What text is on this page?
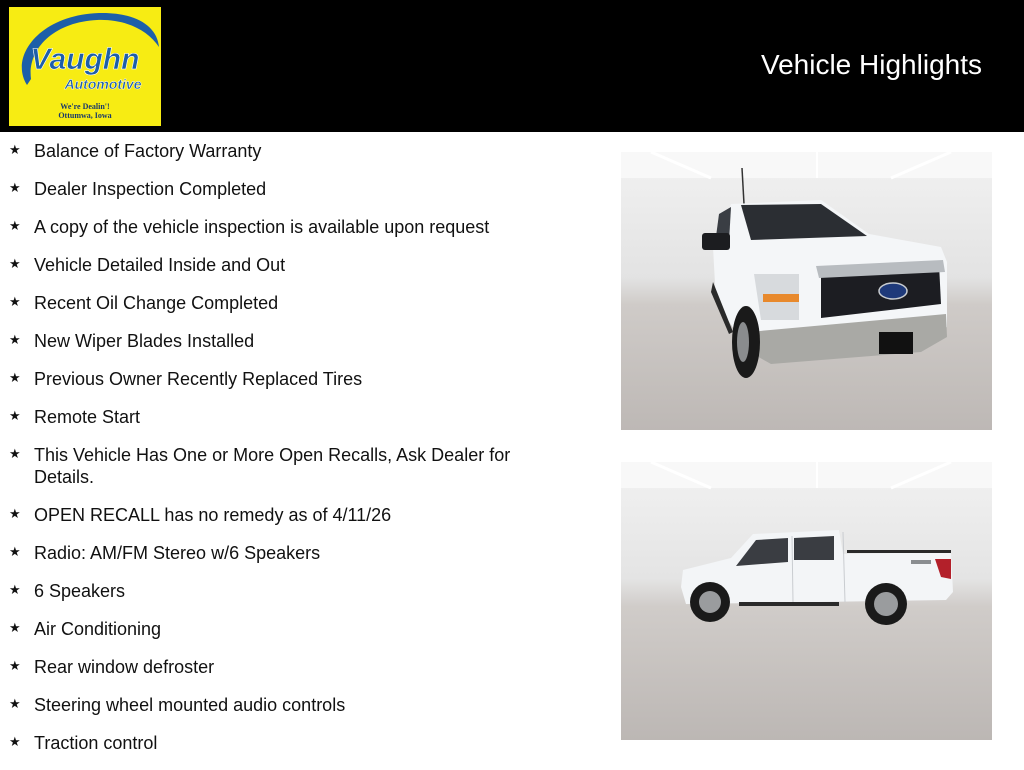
Vaughn
Automotive
We're Dealin'!
Ottumwa, Iowa
Vehicle Highlights
★ Balance of Factory Warranty
★ Dealer Inspection Completed
★ A copy of the vehicle inspection is available upon request
★ Vehicle Detailed Inside and Out
★ Recent Oil Change Completed
★ New Wiper Blades Installed
★ Previous Owner Recently Replaced Tires
★ Remote Start
★ This Vehicle Has One or More Open Recalls, Ask Dealer for Details.
★ OPEN RECALL has no remedy as of 4/11/26
★ Radio: AM/FM Stereo w/6 Speakers
★ 6 Speakers
★ Air Conditioning
★ Rear window defroster
★ Steering wheel mounted audio controls
★ Traction control
